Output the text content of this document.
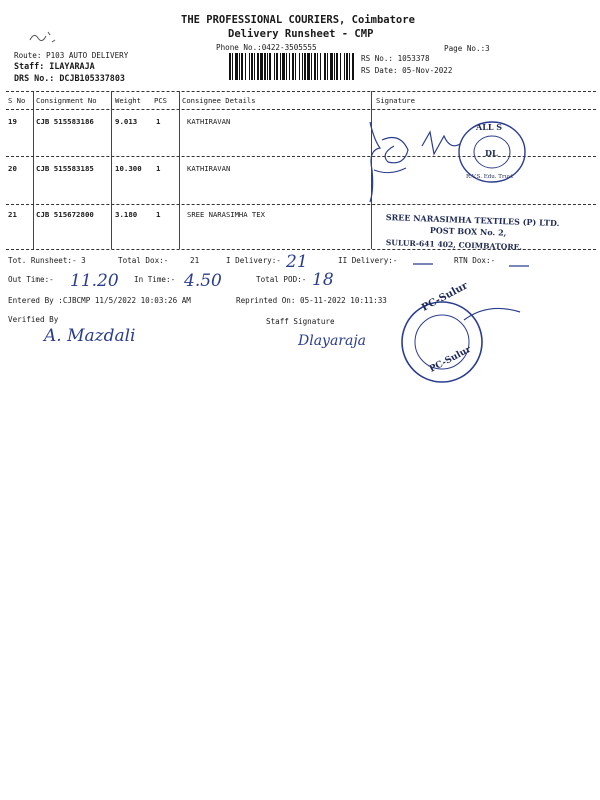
THE PROFESSIONAL COURIERS, Coimbatore
Delivery Runsheet - CMP
Phone No.:0422-3505555	Page No.:3
Route: P103 AUTO DELIVERY
Staff: ILAYARAJA
DRS No.: DCJB105337803
RS No.: 1053378
RS Date: 05-Nov-2022
S No Consignment No	Weight PCS Consignee Details	Signature
19	CJB 515583186	9.013	1	KATHIRAVAN
20	CJB 515583185	10.300 1	KATHIRAVAN
21	CJB 515672800	3.180	1	SREE NARASIMHA TEX
ALL S
DL
R.V.S. Edu. Trust
SREE NARASIMHA TEXTILES (P) LTD.
POST BOX No. 2,
SULUR-641 402, COIMBATORE.
Tot. Runsheet:- 3	Total Dox:-	21	I Delivery:- 21	II Delivery:-	RTN Dox:-
Out Time:- 11.20 In Time:- 4.50	Total POD:- 18
Entered By :CJBCMP 11/5/2022 10:03:26 AM	Reprinted On: 05-11-2022 10:11:33
Verified By
A. Mazdali
Staff Signature
Dlayaraja
PC-Sulur
PC-Sulur
